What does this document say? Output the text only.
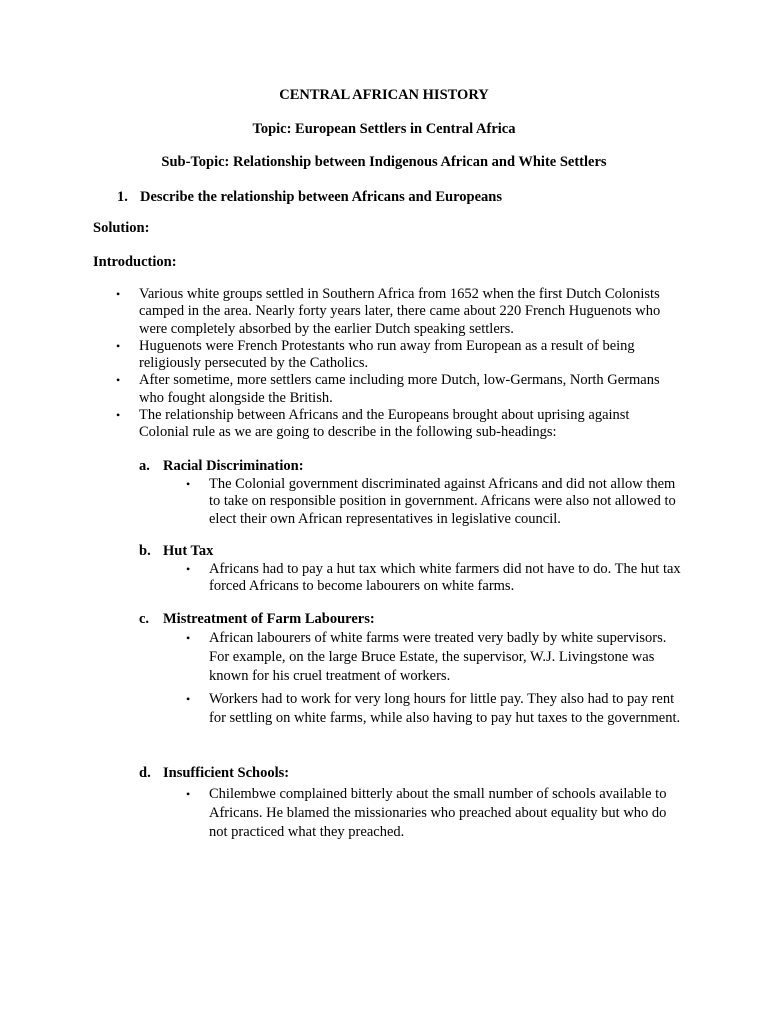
CENTRAL AFRICAN HISTORY
Topic: European Settlers in Central Africa
Sub-Topic: Relationship between Indigenous African and White Settlers
1. Describe the relationship between Africans and Europeans
Solution:
Introduction:
• Various white groups settled in Southern Africa from 1652 when the first Dutch Colonists camped in the area. Nearly forty years later, there came about 220 French Huguenots who were completely absorbed by the earlier Dutch speaking settlers.
• Huguenots were French Protestants who run away from European as a result of being religiously persecuted by the Catholics.
• After sometime, more settlers came including more Dutch, low-Germans, North Germans who fought alongside the British.
• The relationship between Africans and the Europeans brought about uprising against Colonial rule as we are going to describe in the following sub-headings:
a. Racial Discrimination:
• The Colonial government discriminated against Africans and did not allow them to take on responsible position in government. Africans were also not allowed to elect their own African representatives in legislative council.
b. Hut Tax
• Africans had to pay a hut tax which white farmers did not have to do. The hut tax forced Africans to become labourers on white farms.
c. Mistreatment of Farm Labourers:
• African labourers of white farms were treated very badly by white supervisors. For example, on the large Bruce Estate, the supervisor, W.J. Livingstone was known for his cruel treatment of workers.
• Workers had to work for very long hours for little pay. They also had to pay rent for settling on white farms, while also having to pay hut taxes to the government.
d. Insufficient Schools:
• Chilembwe complained bitterly about the small number of schools available to Africans. He blamed the missionaries who preached about equality but who do not practiced what they preached.
